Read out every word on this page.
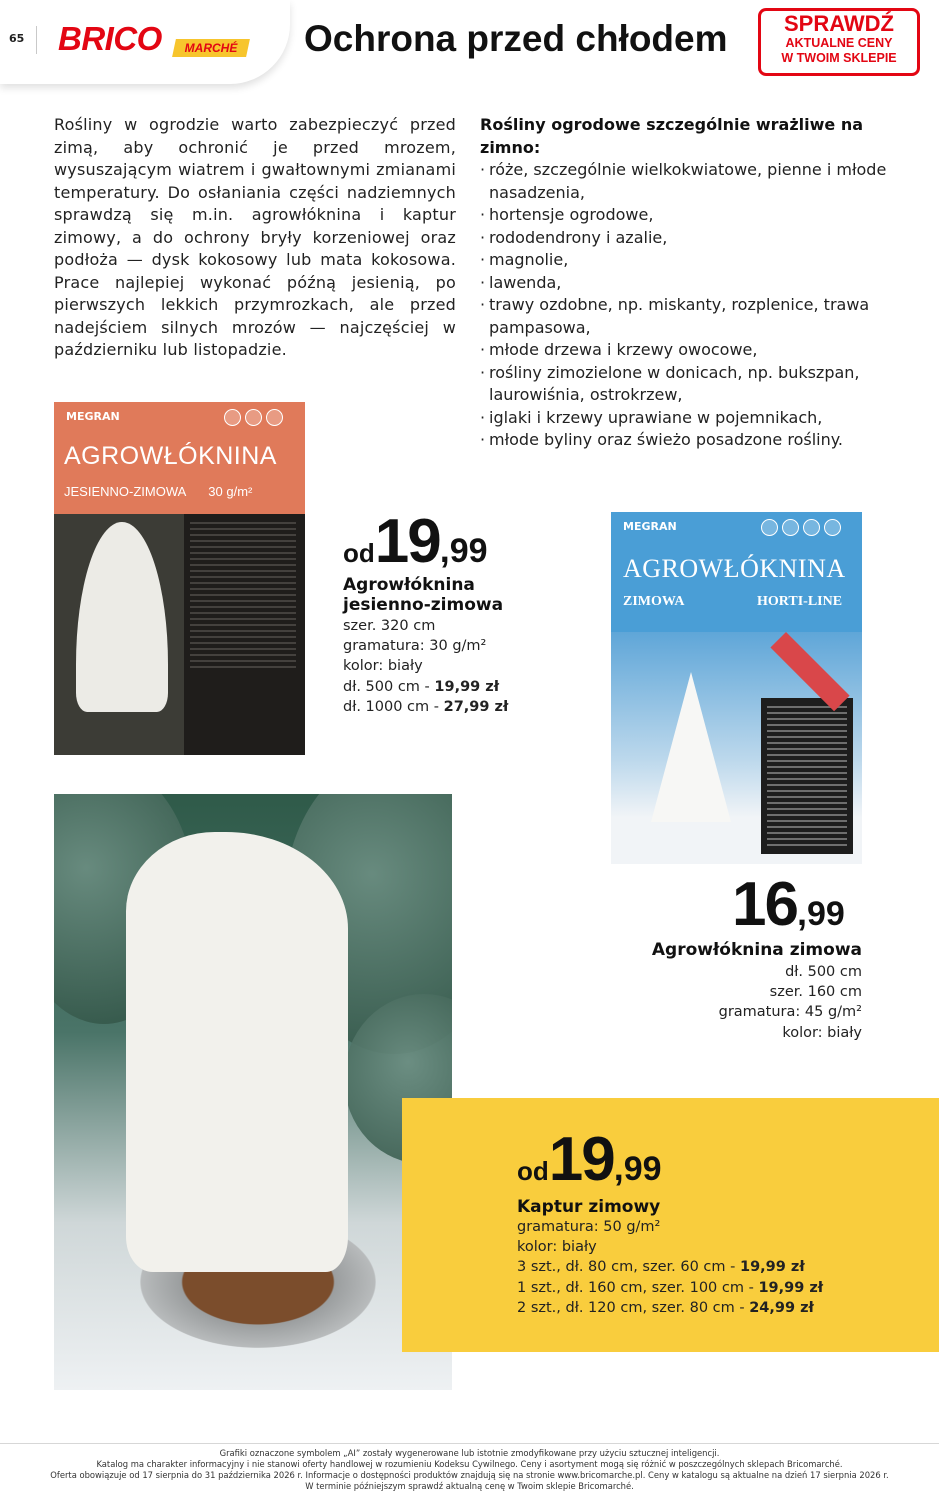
65 BRICO	MARCHÉ Ochrona przed chłodem	SPRAWDŹ
AKTUALNE CENY
W TWOIM SKLEPIE

Rośliny w ogrodzie warto zabezpieczyć przed zimą, aby ochronić je przed mrozem, wysuszającym wiatrem i gwałtownymi zmianami temperatury. Do osłaniania części nadziemnych sprawdzą się m.in. agrowłóknina i kaptur zimowy, a do ochrony bryły korzeniowej oraz podłoża — dysk kokosowy lub mata kokosowa. Prace najlepiej wykonać późną jesienią, po pierwszych lekkich przymrozkach, ale przed nadejściem silnych mrozów — najczęściej w październiku lub listopadzie.

Rośliny ogrodowe szczególnie wrażliwe na zimno:
· róże, szczególnie wielkokwiatowe, pienne i młode nasadzenia,
· hortensje ogrodowe,
· rododendrony i azalie,
· magnolie,
· lawenda,
· trawy ozdobne, np. miskanty, rozplenice, trawa pampasowa,
· młode drzewa i krzewy owocowe,
· rośliny zimozielone w donicach, np. bukszpan, laurowiśnia, ostrokrzew,
· iglaki i krzewy uprawiane w pojemnikach,
· młode byliny oraz świeżo posadzone rośliny.
MEGRAN
AGROWŁÓKNINA
JESIENNO-ZIMOWA 30 g/m²
od19,99
Agrowłóknina
jesienno-zimowa
szer. 320 cm
gramatura: 30 g/m²
kolor: biały
dł. 500 cm - 19,99 zł
dł. 1000 cm - 27,99 zł
MEGRAN
AGROWŁÓKNINA
ZIMOWA	HORTI-LINE
16,99
Agrowłóknina zimowa
dł. 500 cm
szer. 160 cm
gramatura: 45 g/m²
kolor: biały
od19,99
Kaptur zimowy
gramatura: 50 g/m²
kolor: biały
3 szt., dł. 80 cm, szer. 60 cm - 19,99 zł
1 szt., dł. 160 cm, szer. 100 cm - 19,99 zł
2 szt., dł. 120 cm, szer. 80 cm - 24,99 zł
Grafiki oznaczone symbolem „AI” zostały wygenerowane lub istotnie zmodyfikowane przy użyciu sztucznej inteligencji.
Katalog ma charakter informacyjny i nie stanowi oferty handlowej w rozumieniu Kodeksu Cywilnego. Ceny i asortyment mogą się różnić w poszczególnych sklepach Bricomarché.
Oferta obowiązuje od 17 sierpnia do 31 października 2026 r. Informacje o dostępności produktów znajdują się na stronie www.bricomarche.pl. Ceny w katalogu są aktualne na dzień 17 sierpnia 2026 r.
W terminie późniejszym sprawdź aktualną cenę w Twoim sklepie Bricomarché.
